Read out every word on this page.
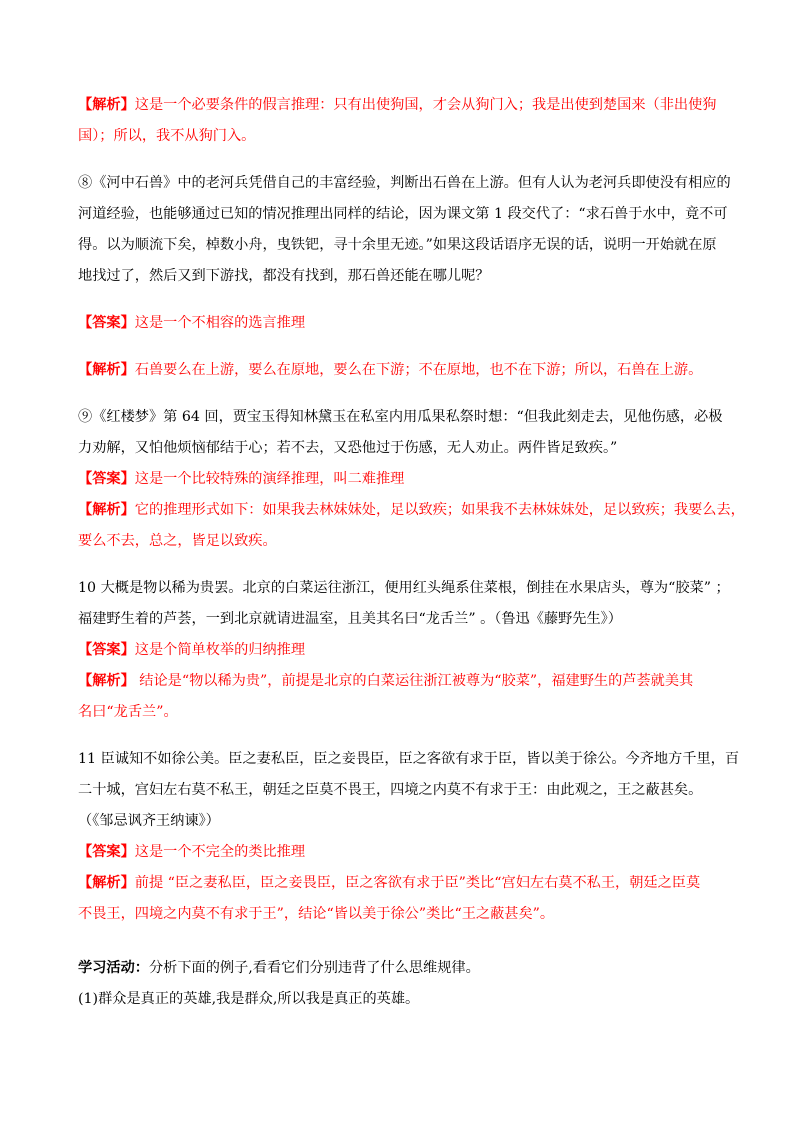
【解析】这是一个必要条件的假言推理：只有出使狗国，才会从狗门入；我是出使到楚国来（非出使狗
国）；所以，我不从狗门入。
⑧《河中石兽》中的老河兵凭借自己的丰富经验，判断出石兽在上游。但有人认为老河兵即使没有相应的
河道经验，也能够通过已知的情况推理出同样的结论，因为课文第 1 段交代了：“求石兽于水中，竟不可
得。以为顺流下矣，棹数小舟，曳铁钯，寻十余里无迹。”如果这段话语序无误的话，说明一开始就在原
地找过了，然后又到下游找，都没有找到，那石兽还能在哪儿呢？
【答案】这是一个不相容的选言推理
【解析】石兽要么在上游，要么在原地，要么在下游；不在原地，也不在下游；所以，石兽在上游。
⑨《红楼梦》第 64 回，贾宝玉得知林黛玉在私室内用瓜果私祭时想：“但我此刻走去，见他伤感，必极
力劝解，又怕他烦恼郁结于心；若不去，又恐他过于伤感，无人劝止。两件皆足致疾。”
【答案】这是一个比较特殊的演绎推理，叫二难推理
【解析】它的推理形式如下：如果我去林妹妹处，足以致疾；如果我不去林妹妹处，足以致疾；我要么去，
要么不去，总之，皆足以致疾。
10 大概是物以稀为贵罢。北京的白菜运往浙江，便用红头绳系住菜根，倒挂在水果店头，尊为“胶菜” ；
福建野生着的芦荟，一到北京就请进温室，且美其名曰“龙舌兰” 。（鲁迅《藤野先生》）
【答案】这是个简单枚举的归纳推理
【解析】 结论是“物以稀为贵”，前提是北京的白菜运往浙江被尊为“胶菜”，福建野生的芦荟就美其
名曰“龙舌兰”。
11 臣诚知不如徐公美。臣之妻私臣，臣之妾畏臣，臣之客欲有求于臣，皆以美于徐公。今齐地方千里，百
二十城，宫妇左右莫不私王，朝廷之臣莫不畏王，四境之内莫不有求于王：由此观之，王之蔽甚矣。
（《邹忌讽齐王纳谏》）
【答案】这是一个不完全的类比推理
【解析】前提 “臣之妻私臣，臣之妾畏臣，臣之客欲有求于臣”类比“宫妇左右莫不私王，朝廷之臣莫
不畏王，四境之内莫不有求于王”，结论“皆以美于徐公”类比“王之蔽甚矣”。
学习活动：分析下面的例子,看看它们分别违背了什么思维规律。
(1)群众是真正的英雄,我是群众,所以我是真正的英雄。
